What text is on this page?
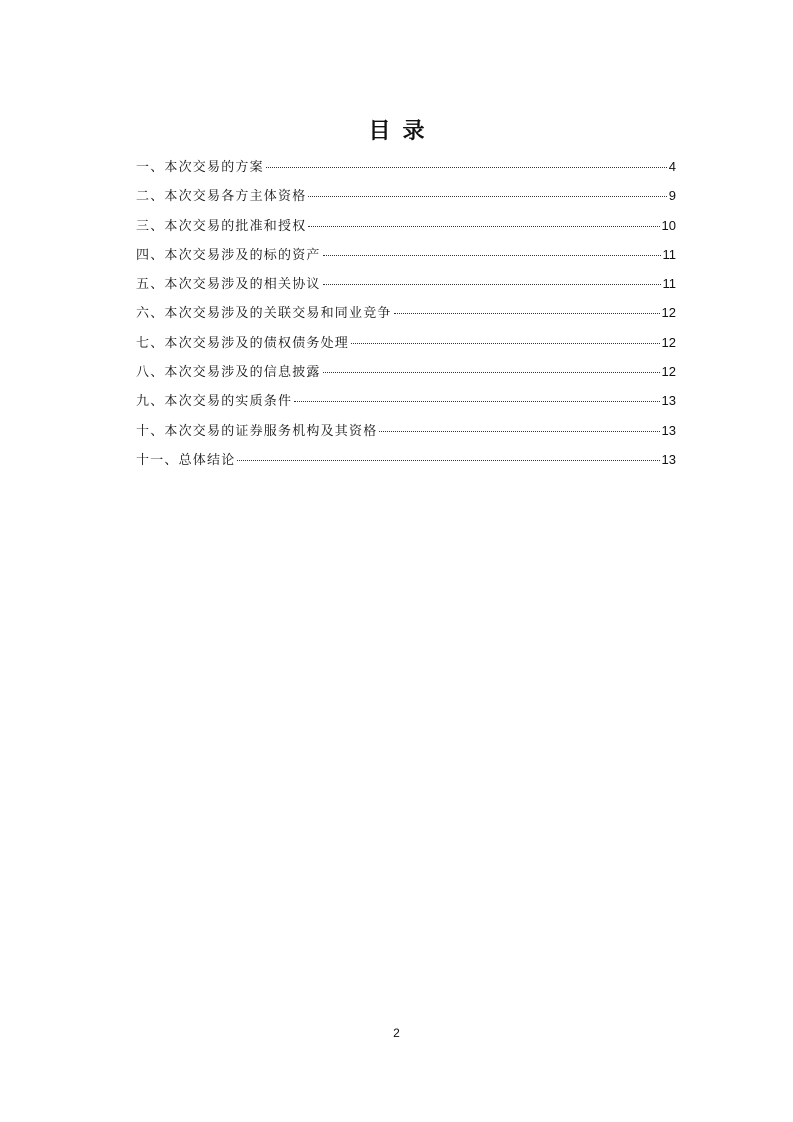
目录
一、本次交易的方案	4
二、本次交易各方主体资格	9
三、本次交易的批准和授权	10
四、本次交易涉及的标的资产	11
五、本次交易涉及的相关协议	11
六、本次交易涉及的关联交易和同业竞争	12
七、本次交易涉及的债权债务处理	12
八、本次交易涉及的信息披露	12
九、本次交易的实质条件	13
十、本次交易的证券服务机构及其资格	13
十一、总体结论	13
2
